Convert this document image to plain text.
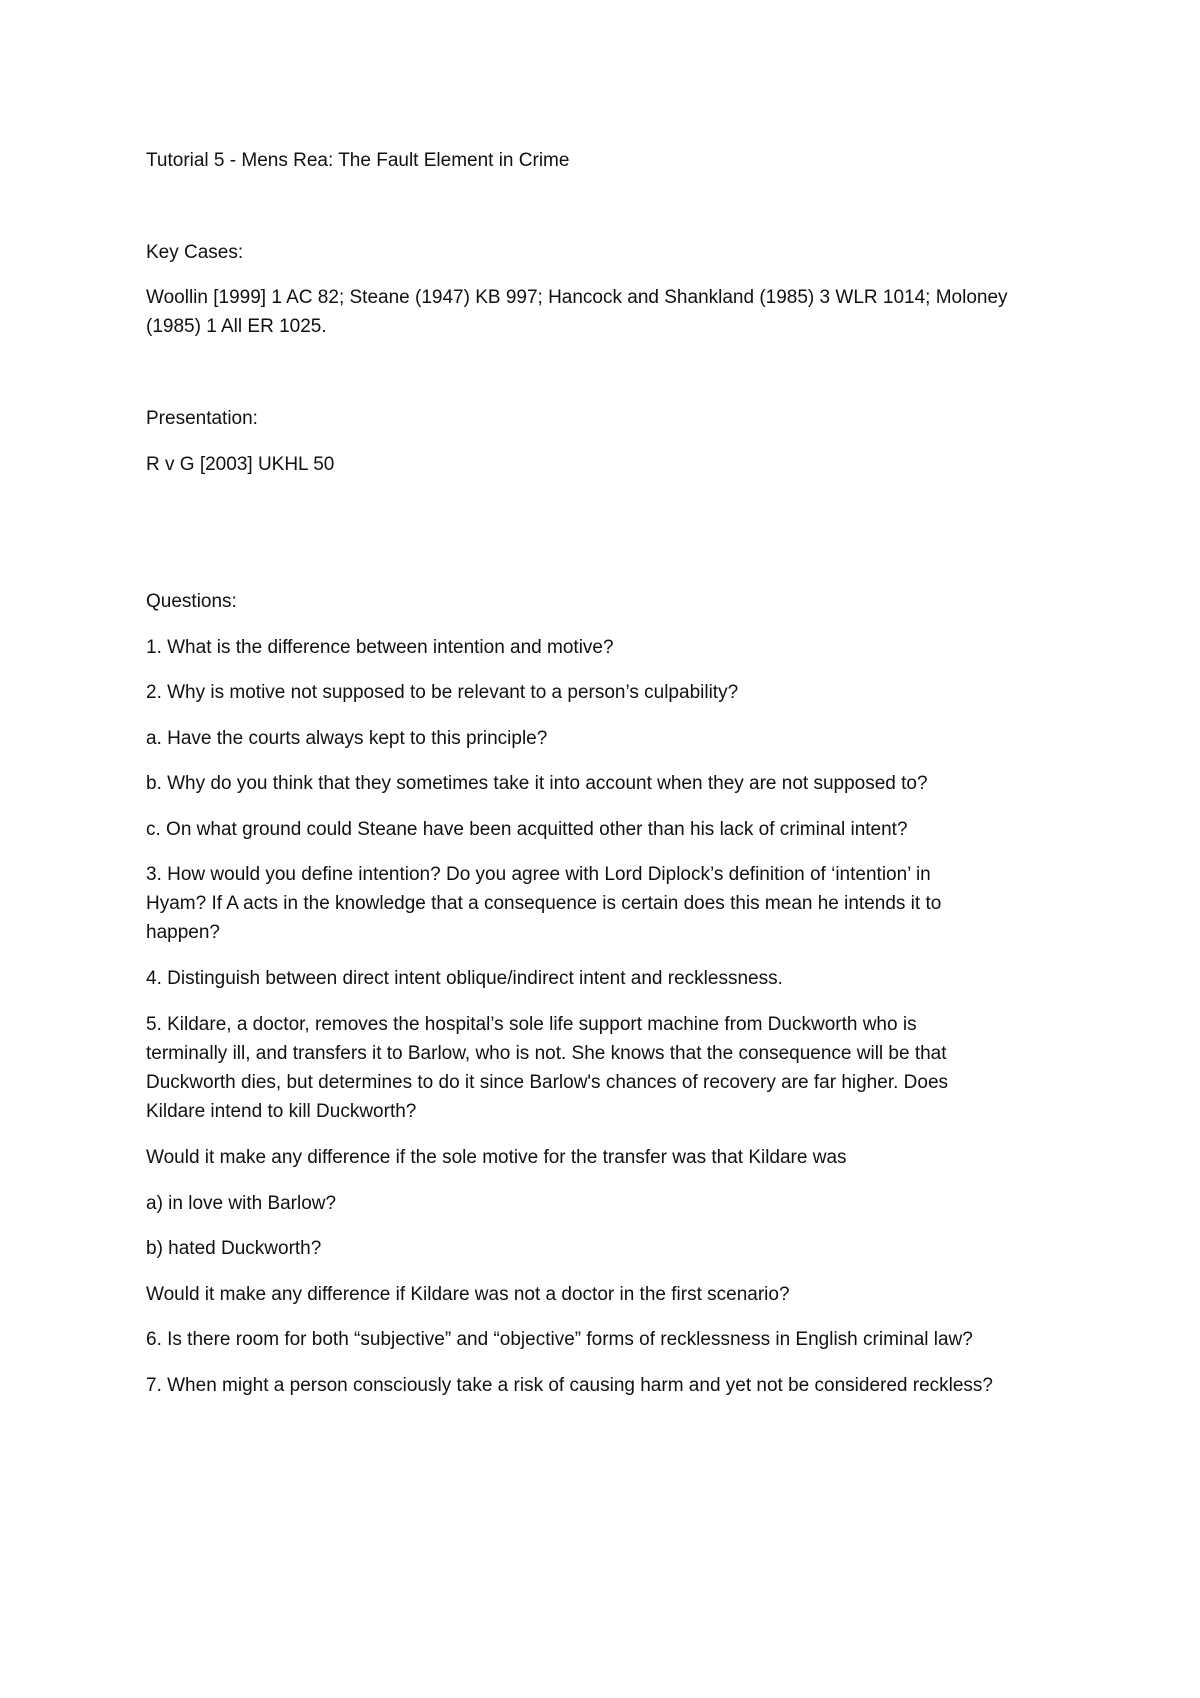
Tutorial 5 - Mens Rea: The Fault Element in Crime

Key Cases:

Woollin [1999] 1 AC 82; Steane (1947) KB 997; Hancock and Shankland (1985) 3 WLR 1014; Moloney

(1985) 1 All ER 1025.

Presentation:

R v G [2003] UKHL 50

Questions:

1. What is the difference between intention and motive?

2. Why is motive not supposed to be relevant to a person’s culpability?

a. Have the courts always kept to this principle?

b. Why do you think that they sometimes take it into account when they are not supposed to?

c. On what ground could Steane have been acquitted other than his lack of criminal intent?

3. How would you define intention? Do you agree with Lord Diplock’s definition of ‘intention’ in

Hyam? If A acts in the knowledge that a consequence is certain does this mean he intends it to

happen?

4. Distinguish between direct intent oblique/indirect intent and recklessness.

5. Kildare, a doctor, removes the hospital’s sole life support machine from Duckworth who is

terminally ill, and transfers it to Barlow, who is not. She knows that the consequence will be that

Duckworth dies, but determines to do it since Barlow's chances of recovery are far higher. Does

Kildare intend to kill Duckworth?

Would it make any difference if the sole motive for the transfer was that Kildare was

a) in love with Barlow?

b) hated Duckworth?

Would it make any difference if Kildare was not a doctor in the first scenario?

6. Is there room for both “subjective” and “objective” forms of recklessness in English criminal law?

7. When might a person consciously take a risk of causing harm and yet not be considered reckless?
